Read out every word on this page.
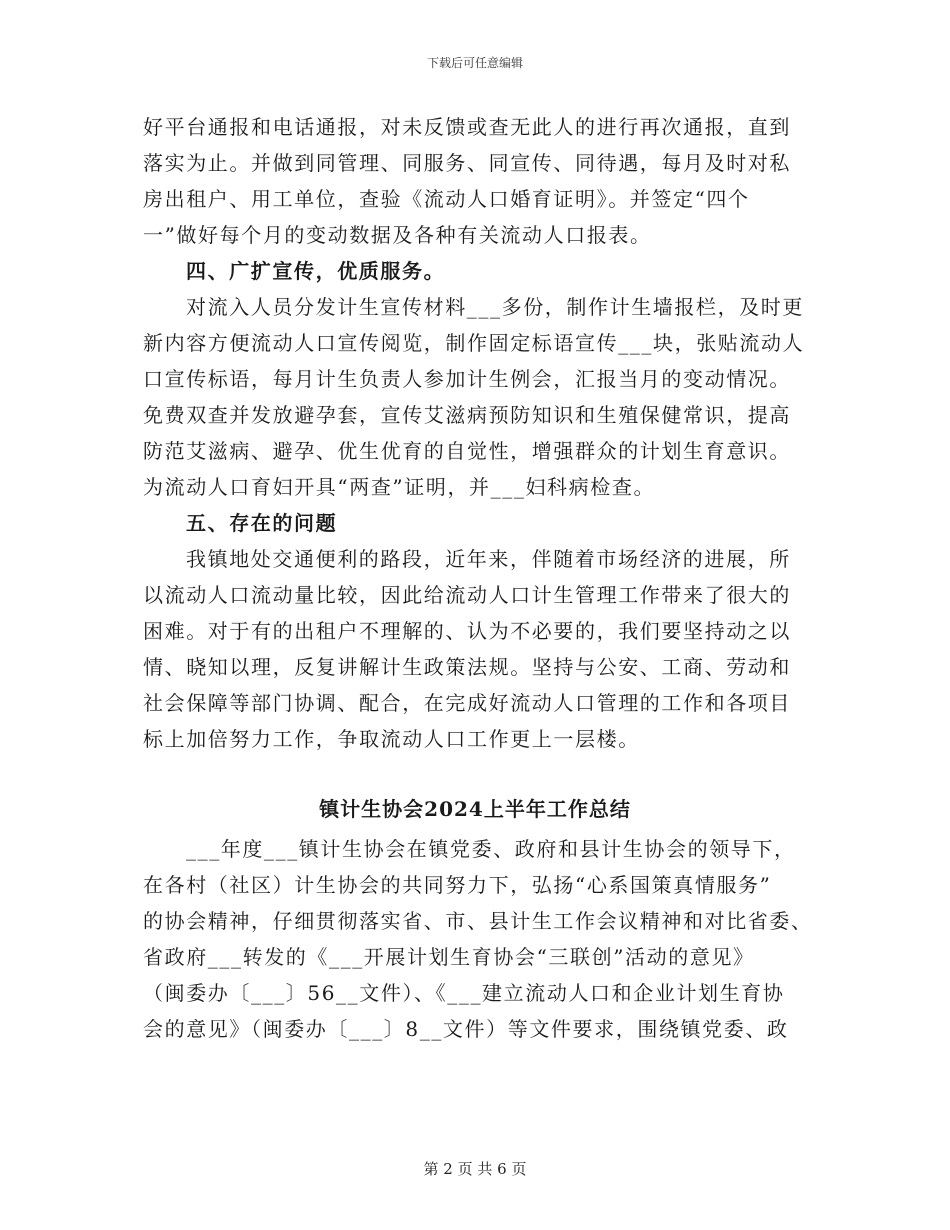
下载后可任意编辑
好平台通报和电话通报，对未反馈或查无此人的进行再次通报，直到
落实为止。并做到同管理、同服务、同宣传、同待遇，每月及时对私
房出租户、用工单位，查验《流动人口婚育证明》。并签定“四个
一”做好每个月的变动数据及各种有关流动人口报表。
四、广扩宣传，优质服务。
对流入人员分发计生宣传材料___多份，制作计生墙报栏，及时更
新内容方便流动人口宣传阅览，制作固定标语宣传___块，张贴流动人
口宣传标语，每月计生负责人参加计生例会，汇报当月的变动情况。
免费双查并发放避孕套，宣传艾滋病预防知识和生殖保健常识，提高
防范艾滋病、避孕、优生优育的自觉性，增强群众的计划生育意识。
为流动人口育妇开具“两查”证明，并___妇科病检查。
五、存在的问题
我镇地处交通便利的路段，近年来，伴随着市场经济的进展，所
以流动人口流动量比较，因此给流动人口计生管理工作带来了很大的
困难。对于有的出租户不理解的、认为不必要的，我们要坚持动之以
情、晓知以理，反复讲解计生政策法规。坚持与公安、工商、劳动和
社会保障等部门协调、配合，在完成好流动人口管理的工作和各项目
标上加倍努力工作，争取流动人口工作更上一层楼。
镇计生协会2024上半年工作总结
___年度___镇计生协会在镇党委、政府和县计生协会的领导下，
在各村（社区）计生协会的共同努力下，弘扬“心系国策真情服务”
的协会精神，仔细贯彻落实省、市、县计生工作会议精神和对比省委、
省政府___转发的《___开展计划生育协会“三联创”活动的意见》
（闽委办〔___〕56__文件）、《___建立流动人口和企业计划生育协
会的意见》（闽委办〔___〕8__文件）等文件要求，围绕镇党委、政
第 2 页 共 6 页
